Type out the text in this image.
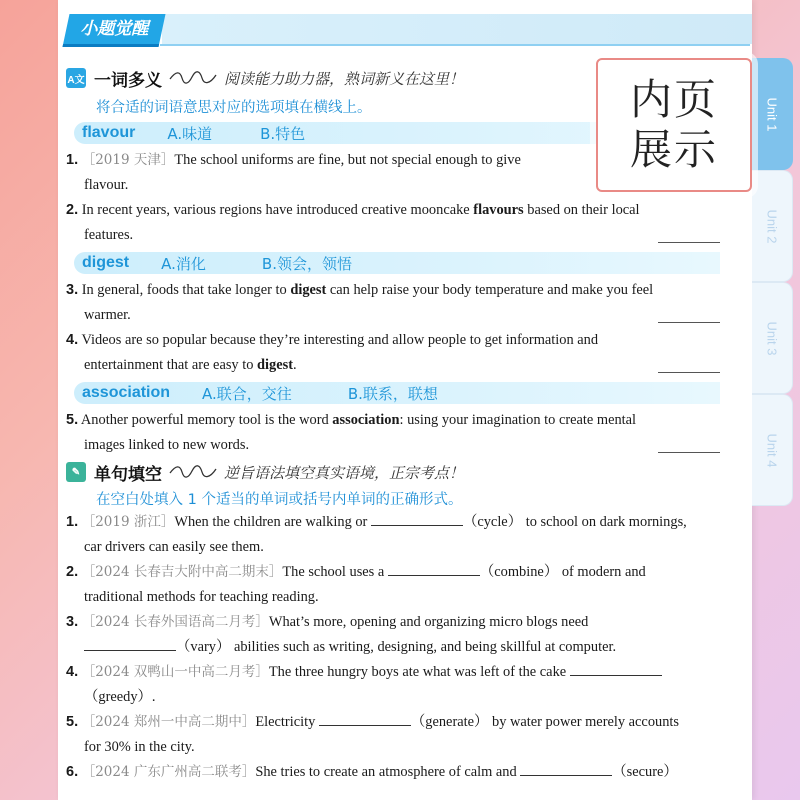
Unit 1
Unit 2
Unit 3
Unit 4
小题觉醒
内页
展示
A文 一词多义	阅读能力助力器，熟词新义在这里！
将合适的词语意思对应的选项填在横线上。
flavour A.味道	B.特色
1. ［2019 天津］The school uniforms are fine, but not special enough to give
flavour.
2. In recent years, various regions have introduced creative mooncake flavours based on their local
features.
digest A.消化	B.领会，领悟
3. In general, foods that take longer to digest can help raise your body temperature and make you feel
warmer.
4. Videos are so popular because they’re interesting and allow people to get information and
entertainment that are easy to digest.
association A.联合，交往	B.联系，联想
5. Another powerful memory tool is the word association: using your imagination to create mental
images linked to new words.
✎ 单句填空	逆旨语法填空真实语境，正宗考点！
在空白处填入 1 个适当的单词或括号内单词的正确形式。
1. ［2019 浙江］When the children are walking or	（cycle） to school on dark mornings,
car drivers can easily see them.
2. ［2024 长春吉大附中高二期末］The school uses a	（combine） of modern and
traditional methods for teaching reading.
3. ［2024 长春外国语高二月考］What’s more, opening and organizing micro blogs need
（vary） abilities such as writing, designing, and being skillful at computer.
4. ［2024 双鸭山一中高二月考］The three hungry boys ate what was left of the cake
（greedy）.
5. ［2024 郑州一中高二期中］Electricity	（generate） by water power merely accounts
for 30% in the city.
6. ［2024 广东广州高二联考］She tries to create an atmosphere of calm and	（secure）
